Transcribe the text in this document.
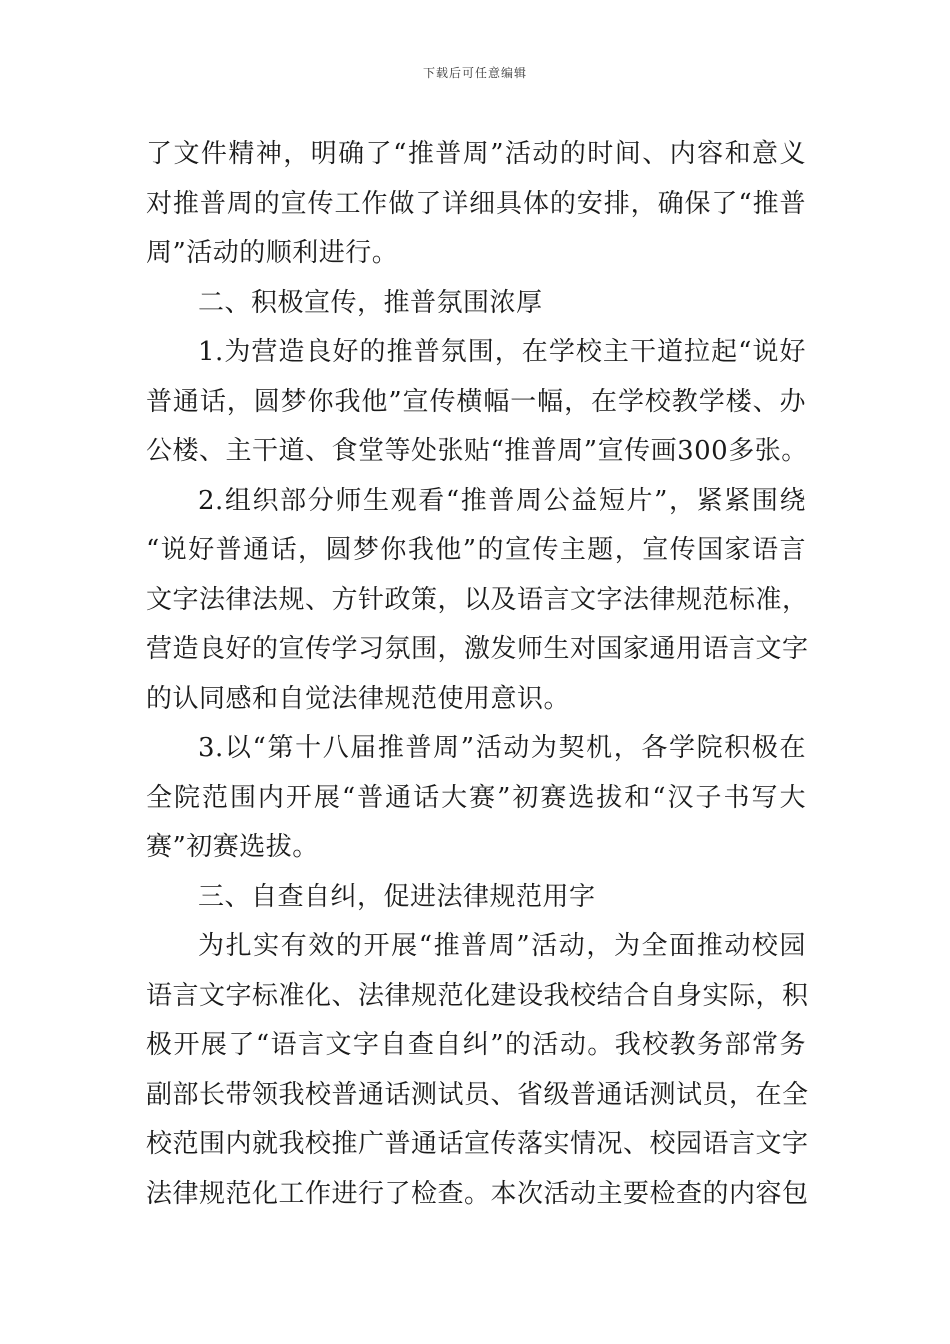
下载后可任意编辑
了文件精神，明确了“推普周”活动的时间、内容和意义
对推普周的宣传工作做了详细具体的安排，确保了“推普
周”活动的顺利进行。
二、积极宣传，推普氛围浓厚
1.为营造良好的推普氛围，在学校主干道拉起“说好
普通话，圆梦你我他”宣传横幅一幅，在学校教学楼、办
公楼、主干道、食堂等处张贴“推普周”宣传画300多张。
2.组织部分师生观看“推普周公益短片”，紧紧围绕
“说好普通话，圆梦你我他”的宣传主题，宣传国家语言
文字法律法规、方针政策，以及语言文字法律规范标准，
营造良好的宣传学习氛围，激发师生对国家通用语言文字
的认同感和自觉法律规范使用意识。
3.以“第十八届推普周”活动为契机，各学院积极在
全院范围内开展“普通话大赛”初赛选拔和“汉子书写大
赛”初赛选拔。
三、自查自纠，促进法律规范用字
为扎实有效的开展“推普周”活动，为全面推动校园
语言文字标准化、法律规范化建设我校结合自身实际，积
极开展了“语言文字自查自纠”的活动。我校教务部常务
副部长带领我校普通话测试员、省级普通话测试员，在全
校范围内就我校推广普通话宣传落实情况、校园语言文字
法律规范化工作进行了检查。本次活动主要检查的内容包
